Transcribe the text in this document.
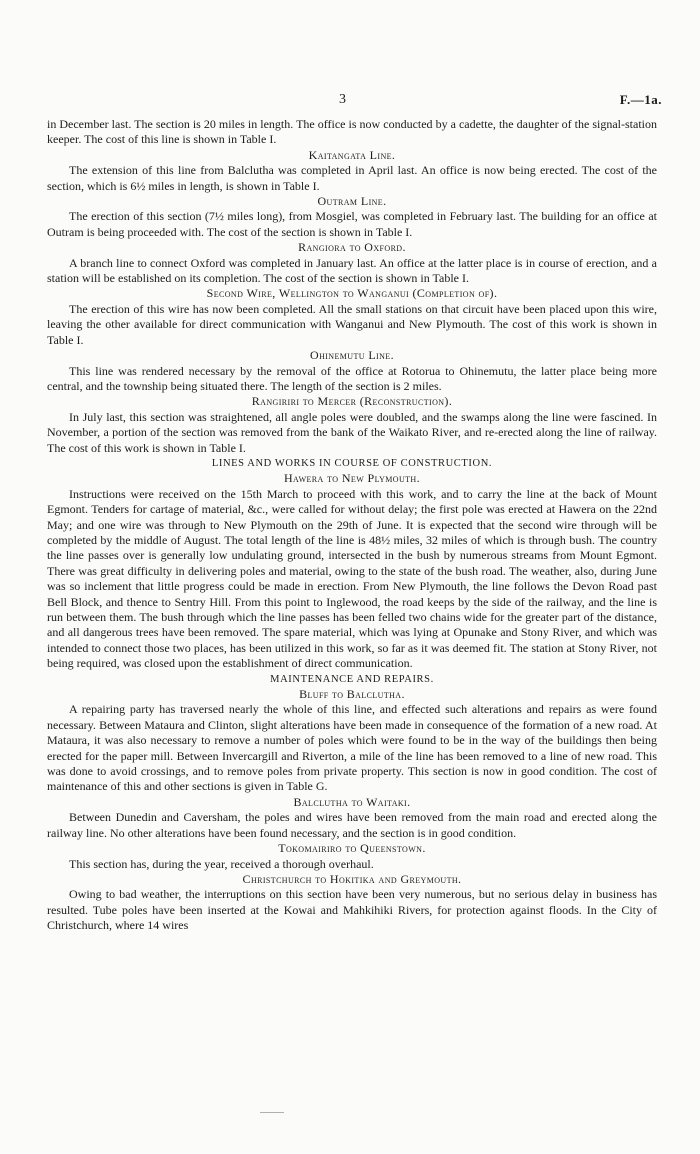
3	F.—1a.

in December last. The section is 20 miles in length. The office is now conducted by a cadette, the daughter of the signal-station keeper. The cost of this line is shown in Table I.

Kaitangata Line.

The extension of this line from Balclutha was completed in April last. An office is now being erected. The cost of the section, which is 6½ miles in length, is shown in Table I.

Outram Line.

The erection of this section (7½ miles long), from Mosgiel, was completed in February last. The building for an office at Outram is being proceeded with. The cost of the section is shown in Table I.

Rangiora to Oxford.

A branch line to connect Oxford was completed in January last. An office at the latter place is in course of erection, and a station will be established on its completion. The cost of the section is shown in Table I.

Second Wire, Wellington to Wanganui (Completion of).

The erection of this wire has now been completed. All the small stations on that circuit have been placed upon this wire, leaving the other available for direct communication with Wanganui and New Plymouth. The cost of this work is shown in Table I.

Ohinemutu Line.

This line was rendered necessary by the removal of the office at Rotorua to Ohinemutu, the latter place being more central, and the township being situated there. The length of the section is 2 miles.

Rangiriri to Mercer (Reconstruction).

In July last, this section was straightened, all angle poles were doubled, and the swamps along the line were fascined. In November, a portion of the section was removed from the bank of the Waikato River, and re-erected along the line of railway. The cost of this work is shown in Table I.

LINES AND WORKS IN COURSE OF CONSTRUCTION.
Hawera to New Plymouth.

Instructions were received on the 15th March to proceed with this work, and to carry the line at the back of Mount Egmont. Tenders for cartage of material, &c., were called for without delay; the first pole was erected at Hawera on the 22nd May; and one wire was through to New Plymouth on the 29th of June. It is expected that the second wire through will be completed by the middle of August. The total length of the line is 48½ miles, 32 miles of which is through bush. The country the line passes over is generally low undulating ground, intersected in the bush by numerous streams from Mount Egmont. There was great difficulty in delivering poles and material, owing to the state of the bush road. The weather, also, during June was so inclement that little progress could be made in erection. From New Plymouth, the line follows the Devon Road past Bell Block, and thence to Sentry Hill. From this point to Inglewood, the road keeps by the side of the railway, and the line is run between them. The bush through which the line passes has been felled two chains wide for the greater part of the distance, and all dangerous trees have been removed. The spare material, which was lying at Opunake and Stony River, and which was intended to connect those two places, has been utilized in this work, so far as it was deemed fit. The station at Stony River, not being required, was closed upon the establishment of direct communication.

MAINTENANCE AND REPAIRS.
Bluff to Balclutha.

A repairing party has traversed nearly the whole of this line, and effected such alterations and repairs as were found necessary. Between Mataura and Clinton, slight alterations have been made in consequence of the formation of a new road. At Mataura, it was also necessary to remove a number of poles which were found to be in the way of the buildings then being erected for the paper mill. Between Invercargill and Riverton, a mile of the line has been removed to a line of new road. This was done to avoid crossings, and to remove poles from private property. This section is now in good condition. The cost of maintenance of this and other sections is given in Table G.

Balclutha to Waitaki.

Between Dunedin and Caversham, the poles and wires have been removed from the main road and erected along the railway line. No other alterations have been found necessary, and the section is in good condition.

Tokomairiro to Queenstown.

This section has, during the year, received a thorough overhaul.

Christchurch to Hokitika and Greymouth.

Owing to bad weather, the interruptions on this section have been very numerous, but no serious delay in business has resulted. Tube poles have been inserted at the Kowai and Mahkihiki Rivers, for protection against floods. In the City of Christchurch, where 14 wires
